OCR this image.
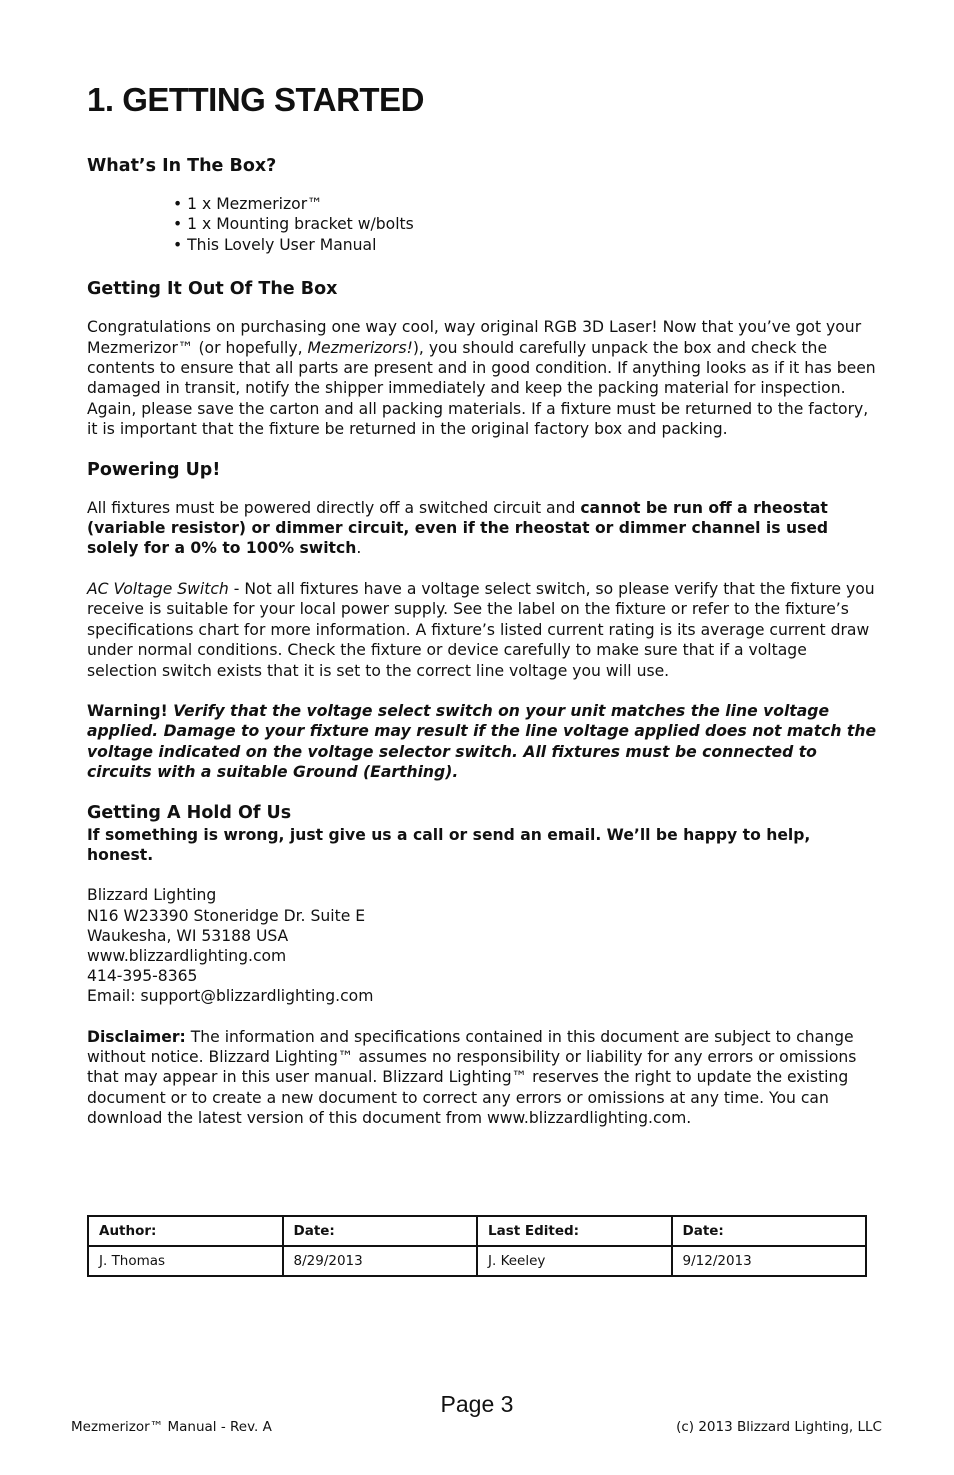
1. GETTING STARTED
What’s In The Box?
• 1 x Mezmerizor™
• 1 x Mounting bracket w/bolts
• This Lovely User Manual
Getting It Out Of The Box

Congratulations on purchasing one way cool, way original RGB 3D Laser! Now that you’ve got your Mezmerizor™ (or hopefully, Mezmerizors!), you should carefully unpack the box and check the contents to ensure that all parts are present and in good condition. If anything looks as if it has been damaged in transit, notify the shipper immediately and keep the packing material for inspection. Again, please save the carton and all packing materials. If a fixture must be returned to the factory, it is important that the fixture be returned in the original factory box and packing.

Powering Up!

All fixtures must be powered directly off a switched circuit and cannot be run off a rheostat (variable resistor) or dimmer circuit, even if the rheostat or dimmer channel is used solely for a 0% to 100% switch.

AC Voltage Switch - Not all fixtures have a voltage select switch, so please verify that the fixture you receive is suitable for your local power supply. See the label on the fixture or refer to the fixture’s specifications chart for more information. A fixture’s listed current rating is its average current draw under normal conditions. Check the fixture or device carefully to make sure that if a voltage selection switch exists that it is set to the correct line voltage you will use.

Warning! Verify that the voltage select switch on your unit matches the line voltage applied. Damage to your fixture may result if the line voltage applied does not match the voltage indicated on the voltage selector switch. All fixtures must be connected to circuits with a suitable Ground (Earthing).

Getting A Hold Of Us

If something is wrong, just give us a call or send an email. We’ll be happy to help, honest.

Blizzard Lighting
N16 W23390 Stoneridge Dr. Suite E
Waukesha, WI 53188 USA
www.blizzardlighting.com
414-395-8365
Email: support@blizzardlighting.com

Disclaimer: The information and specifications contained in this document are subject to change without notice. Blizzard Lighting™ assumes no responsibility or liability for any errors or omissions that may appear in this user manual. Blizzard Lighting™ reserves the right to update the existing document or to create a new document to correct any errors or omissions at any time. You can download the latest version of this document from www.blizzardlighting.com.

Author:	Date:	Last Edited:	Date:
J. Thomas	8/29/2013	J. Keeley	9/12/2013
Page 3
Mezmerizor™ Manual - Rev. A	(c) 2013 Blizzard Lighting, LLC
